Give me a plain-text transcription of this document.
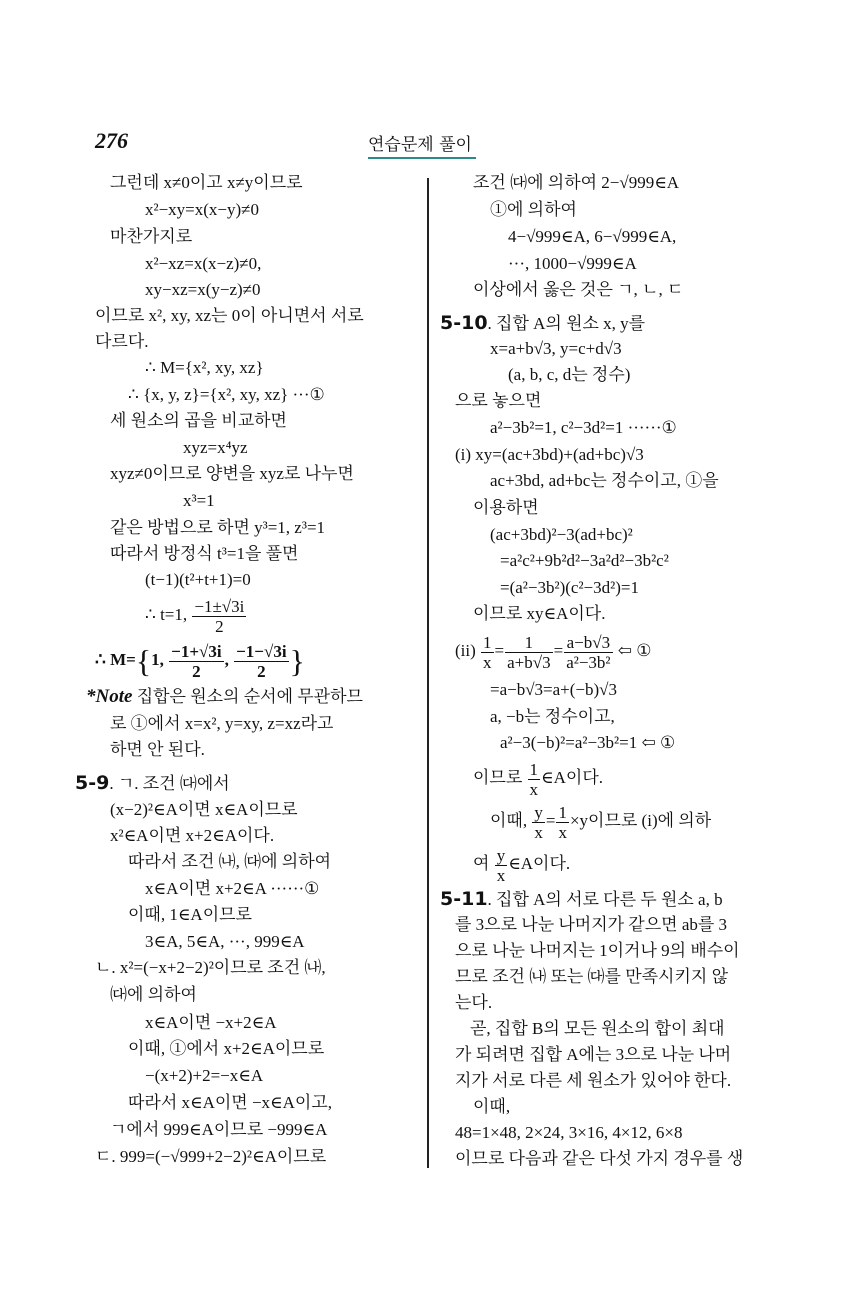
276	연습문제 풀이
그런데 x≠0이고 x≠y이므로
x²−xy=x(x−y)≠0
마찬가지로
x²−xz=x(x−z)≠0,
xy−xz=x(y−z)≠0
이므로 x², xy, xz는 0이 아니면서 서로
다르다.
∴ M={x², xy, xz}
∴ {x, y, z}={x², xy, xz} ···①
세 원소의 곱을 비교하면
xyz=x⁴yz
xyz≠0이므로 양변을 xyz로 나누면
x³=1
같은 방법으로 하면 y³=1, z³=1
따라서 방정식 t³=1을 풀면
(t−1)(t²+t+1)=0
∴ t=1, $\frac{-1\pm√3i}{2}$
∴ M={1, $\frac{-1+√3i}{2}$ , $\frac{-1-√3i}{2}$ }
*Note 집합은 원소의 순서에 무관하므
로 ①에서 x=x², y=xy, z=xz라고
하면 안 된다.
5-9. ㄱ. 조건 ㈐에서
(x−2)²∈A이면 x∈A이므로
x²∈A이면 x+2∈A이다.
따라서 조건 ㈏, ㈐에 의하여
x∈A이면 x+2∈A ······①
이때, 1∈A이므로
3∈A, 5∈A, ···, 999∈A
ㄴ. x²=(−x+2−2)²이므로 조건 ㈏,
㈐에 의하여
x∈A이면 −x+2∈A
이때, ①에서 x+2∈A이므로
−(x+2)+2=−x∈A
따라서 x∈A이면 −x∈A이고,
ㄱ에서 999∈A이므로 −999∈A
ㄷ. 999=(−√999+2−2)²∈A이므로
조건 ㈐에 의하여 2−√999∈A
①에 의하여
4−√999∈A, 6−√999∈A,
···, 1000−√999∈A
이상에서 옳은 것은 ㄱ, ㄴ, ㄷ
5-10. 집합 A의 원소 x, y를
x=a+b√3, y=c+d√3
(a, b, c, d는 정수)
으로 놓으면
a²−3b²=1, c²−3d²=1 ······①
(i) xy=(ac+3bd)+(ad+bc)√3
ac+3bd, ad+bc는 정수이고, ①을
이용하면
(ac+3bd)²−3(ad+bc)²
=a²c²+9b²d²−3a²d²−3b²c²
=(a²−3b²)(c²−3d²)=1
이므로 xy∈A이다.
$(ii) \frac{1}{x} = \frac{1}{a+b√3} = \frac{a-b√3}{\text{a²−3b²}}$ ⇦ ①
=a−b√3=a+(−b)√3
a, −b는 정수이고,
a²−3(−b)²=a²−3b²=1 ⇦ ①
이므로 $\frac{1}{x}$ ∈A이다.
이때, $\frac{y}{x} = \frac{1}{x} \times y$이므로 (i)에 의하
여 $\frac{y}{x}$ ∈A이다.
5-11. 집합 A의 서로 다른 두 원소 a, b
를 3으로 나눈 나머지가 같으면 ab를 3
으로 나눈 나머지는 1이거나 9의 배수이
므로 조건 ㈏ 또는 ㈐를 만족시키지 않
는다.
곧, 집합 B의 모든 원소의 합이 최대
가 되려면 집합 A에는 3으로 나눈 나머
지가 서로 다른 세 원소가 있어야 한다.
이때,
48=1×48, 2×24, 3×16, 4×12, 6×8
이므로 다음과 같은 다섯 가지 경우를 생
